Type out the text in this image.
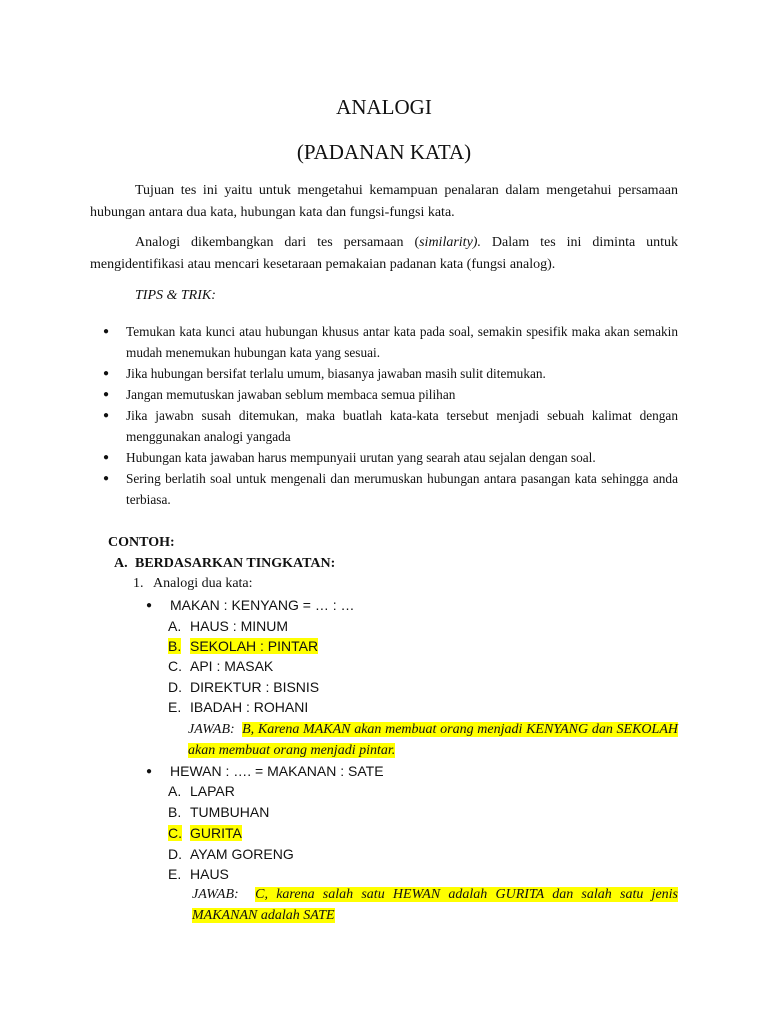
ANALOGI
(PADANAN KATA)

Tujuan tes ini yaitu untuk mengetahui kemampuan penalaran dalam mengetahui persamaan hubungan antara dua kata, hubungan kata dan fungsi-fungsi kata.

Analogi dikembangkan dari tes persamaan (similarity). Dalam tes ini diminta untuk mengidentifikasi atau mencari kesetaraan pemakaian padanan kata (fungsi analog).

TIPS & TRIK:
● Temukan kata kunci atau hubungan khusus antar kata pada soal, semakin spesifik maka akan semakin mudah menemukan hubungan kata yang sesuai.
● Jika hubungan bersifat terlalu umum, biasanya jawaban masih sulit ditemukan.
● Jangan memutuskan jawaban seblum membaca semua pilihan
● Jika jawabn susah ditemukan, maka buatlah kata-kata tersebut menjadi sebuah kalimat dengan menggunakan analogi yangada
● Hubungan kata jawaban harus mempunyaii urutan yang searah atau sejalan dengan soal.
● Sering berlatih soal untuk mengenali dan merumuskan hubungan antara pasangan kata sehingga anda terbiasa.
CONTOH:
A. BERDASARKAN TINGKATAN:
1. Analogi dua kata:
● MAKAN : KENYANG = … : …
A. HAUS : MINUM
B. SEKOLAH : PINTAR
C. API : MASAK
D. DIREKTUR : BISNIS
E. IBADAH : ROHANI
JAWAB: B, Karena MAKAN akan membuat orang menjadi KENYANG dan SEKOLAH akan membuat orang menjadi pintar.
● HEWAN : …. = MAKANAN : SATE
A. LAPAR
B. TUMBUHAN
C. GURITA
D. AYAM GORENG
E. HAUS
JAWAB: C, karena salah satu HEWAN adalah GURITA dan salah satu jenis MAKANAN adalah SATE
